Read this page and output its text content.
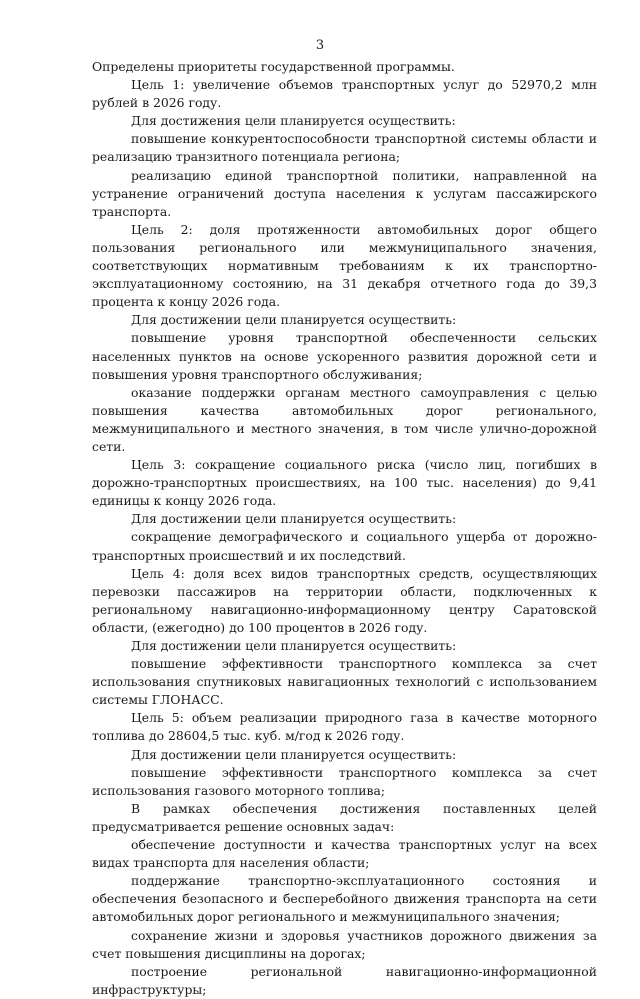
3

Определены приоритеты государственной программы.

Цель 1: увеличение объемов транспортных услуг до 52970,2 млн рублей в 2026 году.

Для достижения цели планируется осуществить:

повышение конкурентоспособности транспортной системы области и реализацию транзитного потенциала региона;

реализацию единой транспортной политики, направленной на устранение ограничений доступа населения к услугам пассажирского транспорта.

Цель 2: доля протяженности автомобильных дорог общего пользования регионального или межмуниципального значения, соответствующих нормативным требованиям к их транспортно-эксплуатационному состоянию, на 31 декабря отчетного года до 39,3 процента к концу 2026 года.

Для достижении цели планируется осуществить:

повышение уровня транспортной обеспеченности сельских населенных пунктов на основе ускоренного развития дорожной сети и повышения уровня транспортного обслуживания;

оказание поддержки органам местного самоуправления с целью повышения качества автомобильных дорог регионального, межмуниципального и местного значения, в том числе улично-дорожной сети.

Цель 3: сокращение социального риска (число лиц, погибших в дорожно-транспортных происшествиях, на 100 тыс. населения) до 9,41 единицы к концу 2026 года.

Для достижении цели планируется осуществить:

сокращение демографического и социального ущерба от дорожно-транспортных происшествий и их последствий.

Цель 4: доля всех видов транспортных средств, осуществляющих перевозки пассажиров на территории области, подключенных к региональному навигационно-информационному центру Саратовской области, (ежегодно) до 100 процентов в 2026 году.

Для достижении цели планируется осуществить:

повышение эффективности транспортного комплекса за счет использования спутниковых навигационных технологий с использованием системы ГЛОНАСС.

Цель 5: объем реализации природного газа в качестве моторного топлива до 28604,5 тыс. куб. м/год к 2026 году.

Для достижении цели планируется осуществить:

повышение эффективности транспортного комплекса за счет использования газового моторного топлива;

В рамках обеспечения достижения поставленных целей предусматривается решение основных задач:

обеспечение доступности и качества транспортных услуг на всех видах транспорта для населения области;

поддержание транспортно-эксплуатационного состояния и обеспечения безопасного и бесперебойного движения транспорта на сети автомобильных дорог регионального и межмуниципального значения;

сохранение жизни и здоровья участников дорожного движения за счет повышения дисциплины на дорогах;

построение региональной навигационно-информационной инфраструктуры;
